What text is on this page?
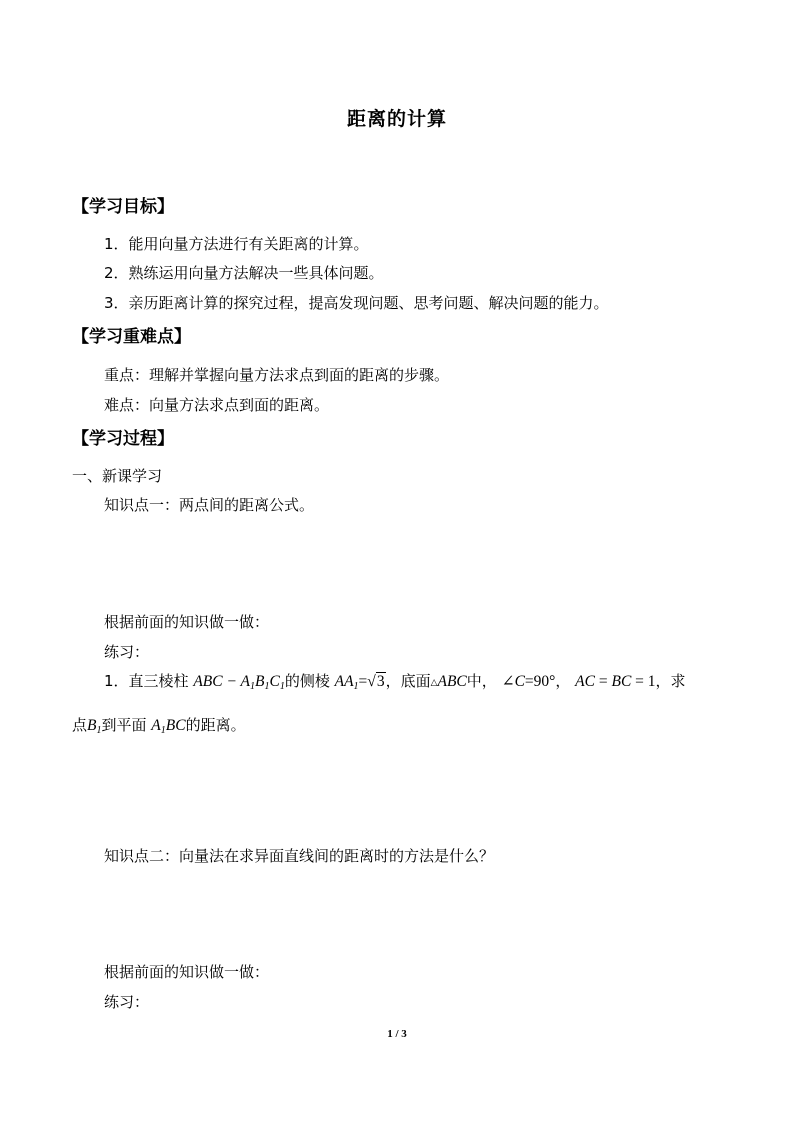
距离的计算
【学习目标】
1．能用向量方法进行有关距离的计算。
2．熟练运用向量方法解决一些具体问题。
3．亲历距离计算的探究过程，提高发现问题、思考问题、解决问题的能力。
【学习重难点】
重点：理解并掌握向量方法求点到面的距离的步骤。
难点：向量方法求点到面的距离。
【学习过程】
一、新课学习
知识点一：两点间的距离公式。
根据前面的知识做一做：
练习：
1．直三棱柱 ABC − $A_1B_1C_1$的侧棱 $AA_1=√3$，底面△ABC中， ∠C=90°， AC = BC = 1，求
点$B_1$到平面 $A_1BC$的距离。
知识点二：向量法在求异面直线间的距离时的方法是什么？
根据前面的知识做一做：
练习：
1 / 3
